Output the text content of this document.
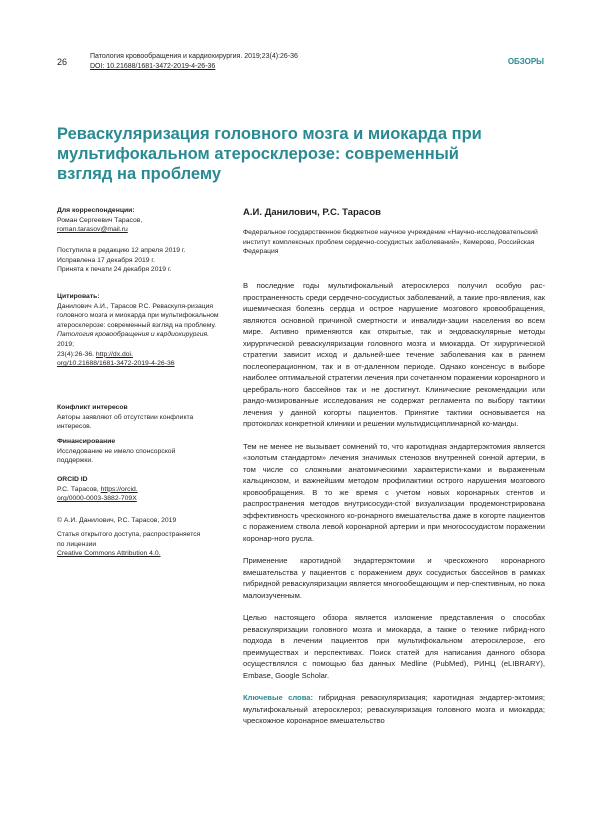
26
Патология кровообращения и кардиохирургия. 2019;23(4):26-36
DOI: 10.21688/1681-3472-2019-4-26-36
ОБЗОРЫ
Реваскуляризация головного мозга и миокарда при мультифокальном атеросклерозе: современный взгляд на проблему

Для корреспонденции:

Роман Сергеевич Тарасов,

roman.tarasov@mail.ru

Поступила в редакцию 12 апреля 2019 г.

Исправлена 17 декабря 2019 г.

Принята к печати 24 декабря 2019 г.

Цитировать:

Данилович А.И., Тарасов Р.С. Реваскуля-ризация головного мозга и миокарда при мультифокальном атеросклерозе: современный взгляд на проблему.

Патология кровообращения и кардиохирургия.

2019;

23(4):26-36. http://dx.doi.

org/10.21688/1681-3472-2019-4-26-36

Конфликт интересов

Авторы заявляют об отсутствии конфликта интересов.

Финансирование

Исследование не имело спонсорской поддержки.

ORCID ID

Р.С. Тарасов, https://orcid.

org/0000-0003-3882-709X

© А.И. Данилович, Р.С. Тарасов, 2019

Статья открытого доступа, распространяется по лицензии

Creative Commons Attribution 4.0.

А.И. Данилович, Р.С. Тарасов
Федеральное государственное бюджетное научное учреждение «Научно-исследовательский институт комплексных проблем сердечно-сосудистых заболеваний», Кемерово, Российская Федерация

В последние годы мультифокальный атеросклероз получил особую рас-пространенность среди сердечно-сосудистых заболеваний, а такие про-явления, как ишемическая болезнь сердца и острое нарушение мозгового кровообращения, являются основной причиной смертности и инвалиди-зации населения во всем мире. Активно применяются как открытые, так и эндоваскулярные методы хирургической реваскуляризации головного мозга и миокарда. От хирургической стратегии зависит исход и дальней-шее течение заболевания как в раннем послеоперационном, так и в от-даленном периоде. Однако консенсус в выборе наиболее оптимальной стратегии лечения при сочетанном поражении коронарного и церебраль-ного бассейнов так и не достигнут. Клинические рекомендации или рандо-мизированные исследования не содержат регламента по выбору тактики лечения у данной когорты пациентов. Принятие тактики основывается на протоколах конкретной клиники и решении мультидисциплинарной ко-манды.

Тем не менее не вызывает сомнений то, что каротидная эндартерэктомия является «золотым стандартом» лечения значимых стенозов внутренней сонной артерии, в том числе со сложными анатомическими характеристи-ками и выраженным кальцинозом, и важнейшим методом профилактики острого нарушения мозгового кровообращения. В то же время с учетом новых коронарных стентов и распространения методов внутрисосуди-стой визуализации продемонстрирована эффективность чрескожного ко-ронарного вмешательства даже в когорте пациентов с поражением ствола левой коронарной артерии и при многососудистом поражении коронар-ного русла.

Применение каротидной эндартерэктомии и чрескожного коронарного вмешательства у пациентов с поражением двух сосудистых бассейнов в рамках гибридной реваскуляризации является многообещающим и пер-спективным, но пока малоизученным.

Целью настоящего обзора является изложение представления о способах реваскуляризации головного мозга и миокарда, а также о технике гибрид-ного подхода в лечении пациентов при мультифокальном атеросклерозе, его преимуществах и перспективах. Поиск статей для написания данного обзора осуществлялся с помощью баз данных Medline (PubMed), РИНЦ (eLIBRARY), Embase, Google Scholar.

Ключевые слова: гибридная реваскуляризация; каротидная эндартер-эктомия; мультифокальный атеросклероз; реваскуляризация головного мозга и миокарда; чрескожное коронарное вмешательство
